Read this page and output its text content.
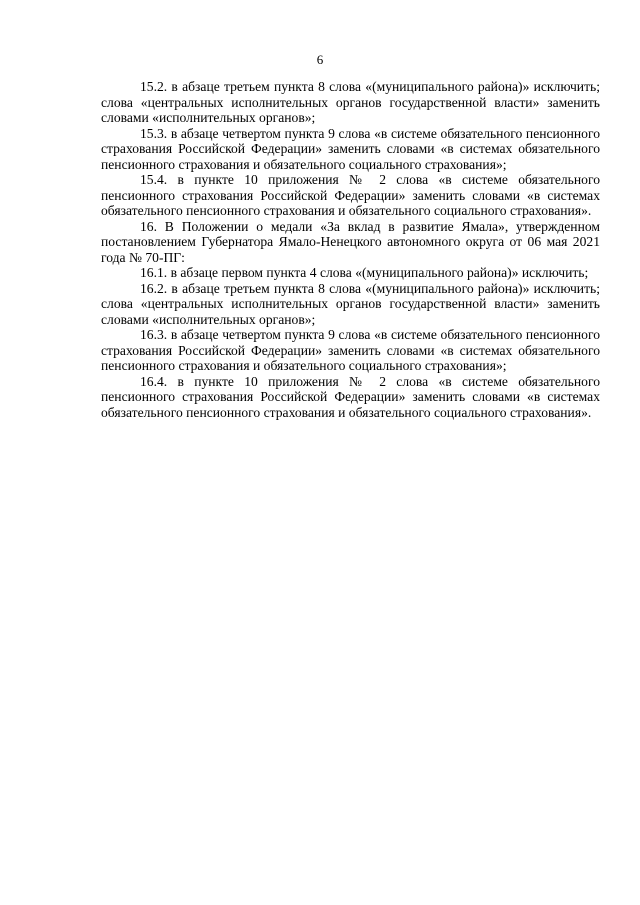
6

15.2. в абзаце третьем пункта 8 слова «(муниципального района)» исключить; слова «центральных исполнительных органов государственной власти» заменить словами «исполнительных органов»;

15.3. в абзаце четвертом пункта 9 слова «в системе обязательного пенсионного страхования Российской Федерации» заменить словами «в системах обязательного пенсионного страхования и обязательного социального страхования»;

15.4. в пункте 10 приложения № 2 слова «в системе обязательного пенсионного страхования Российской Федерации» заменить словами «в системах обязательного пенсионного страхования и обязательного социального страхования».

16. В Положении о медали «За вклад в развитие Ямала», утвержденном постановлением Губернатора Ямало-Ненецкого автономного округа от 06 мая 2021 года № 70-ПГ:

16.1. в абзаце первом пункта 4 слова «(муниципального района)» исключить;

16.2. в абзаце третьем пункта 8 слова «(муниципального района)» исключить; слова «центральных исполнительных органов государственной власти» заменить словами «исполнительных органов»;

16.3. в абзаце четвертом пункта 9 слова «в системе обязательного пенсионного страхования Российской Федерации» заменить словами «в системах обязательного пенсионного страхования и обязательного социального страхования»;

16.4. в пункте 10 приложения № 2 слова «в системе обязательного пенсионного страхования Российской Федерации» заменить словами «в системах обязательного пенсионного страхования и обязательного социального страхования».
